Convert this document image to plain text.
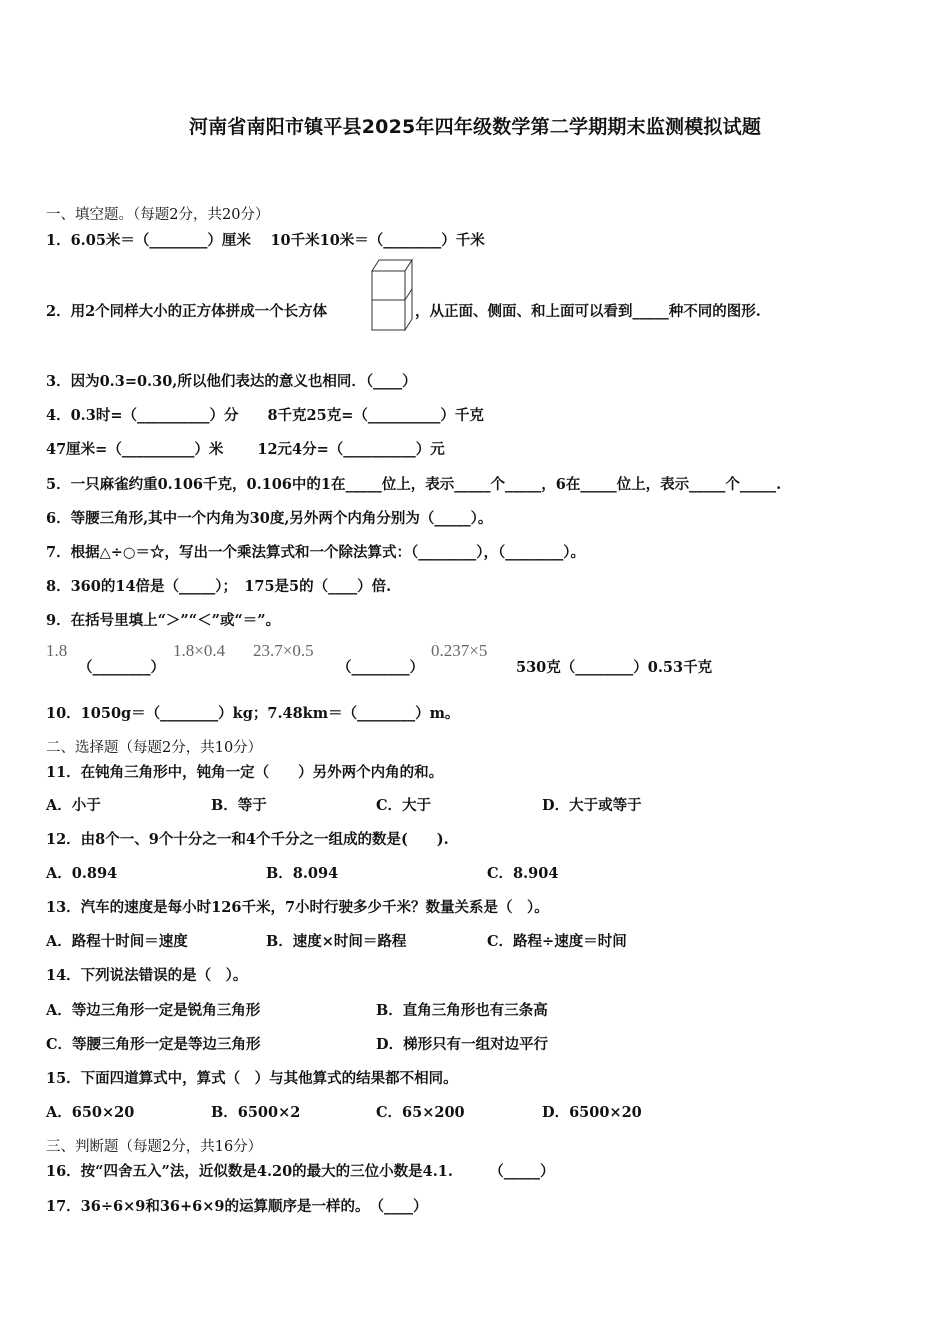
河南省南阳市镇平县2025年四年级数学第二学期期末监测模拟试题
一、填空题。（每题2分，共20分）
1．6.05米＝（________）厘米　 10千米10米＝（________）千米
2．用2个同样大小的正方体拼成一个长方体	，从正面、侧面、和上面可以看到_____种不同的图形.
3．因为0.3=0.30,所以他们表达的意义也相同．（____）
4．0.3时=（__________）分　　8千克25克=（__________）千克
47厘米=（__________）米　　 12元4分=（__________）元
5．一只麻雀约重0.106千克，0.106中的1在_____位上，表示_____个_____，6在_____位上，表示_____个_____.
6．等腰三角形,其中一个内角为30度,另外两个内角分别为（_____）。
7．根据△÷○＝☆，写出一个乘法算式和一个除法算式：（________），（________）。
8．360的14倍是（_____）；　175是5的（____）倍.
9．在括号里填上“＞”“＜”或“＝”。
1.8
（________）
1.8×0.4 23.7×0.5
（________）
0.237×5
530克（________）0.53千克
10．1050g＝（________）kg；7.48km＝（________）m。
二、选择题（每题2分，共10分）
11．在钝角三角形中，钝角一定（　　）另外两个内角的和。
A．小于	B．等于	C．大于	D．大于或等于
12．由8个一、9个十分之一和4个千分之一组成的数是(　　).
A．0.894	B．8.094	C．8.904
13．汽车的速度是每小时126千米，7小时行驶多少千米？数量关系是（　）。
A．路程十时间＝速度	B．速度×时间＝路程	C．路程÷速度＝时间
14．下列说法错误的是（　）。
A．等边三角形一定是锐角三角形	B．直角三角形也有三条高
C．等腰三角形一定是等边三角形	D．梯形只有一组对边平行
15．下面四道算式中，算式（　）与其他算式的结果都不相同。
A．650×20	B．6500×2	C．65×200	D．6500×20
三、判断题（每题2分，共16分）
16．按“四舍五入”法，近似数是4.20的最大的三位小数是4.1.　　　（_____）
17．36÷6×9和36+6×9的运算顺序是一样的。　（____）
